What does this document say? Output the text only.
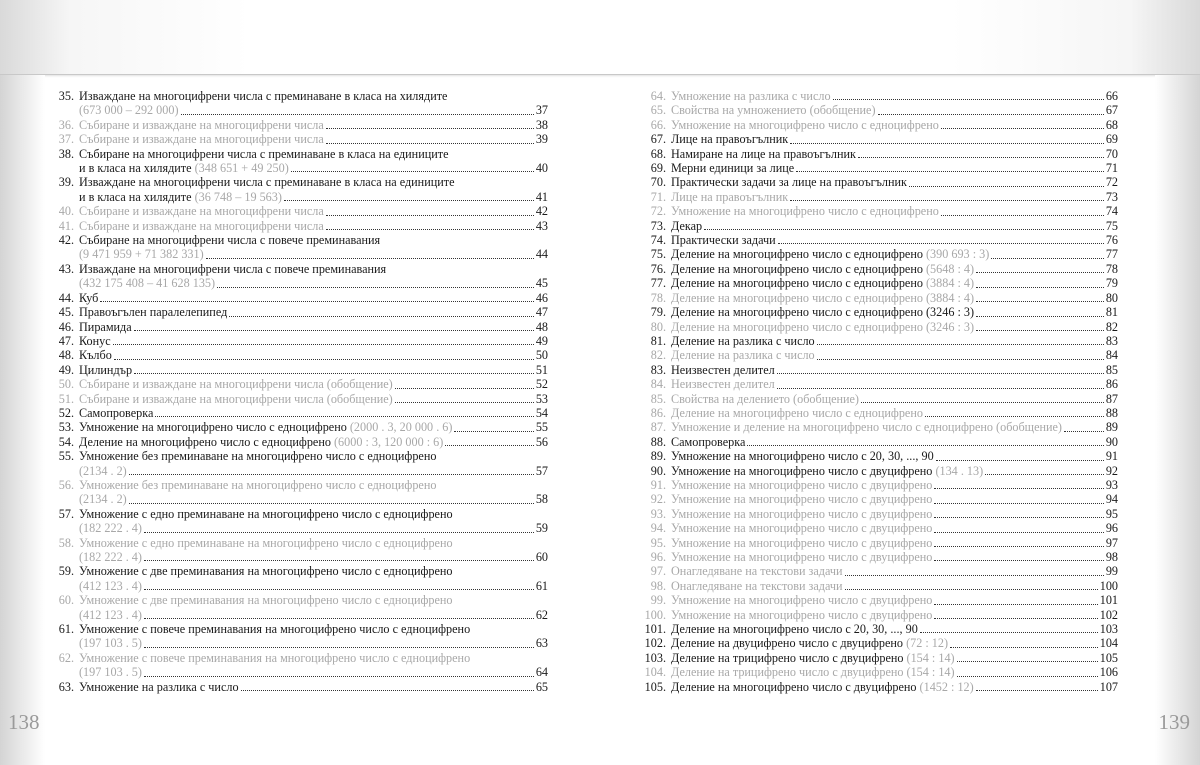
35. Изваждане на многоцифрени числа с преминаване в класа на хилядите
(673 000 – 292 000)	37
36. Събиране и изваждане на многоцифрени числа	38
37. Събиране и изваждане на многоцифрени числа	39
38. Събиране на многоцифрени числа с преминаване в класа на единиците
и в класа на хилядите
(348 651 + 49 250)	40
39. Изваждане на многоцифрени числа с преминаване в класа на единиците
и в класа на хилядите
(36 748 – 19 563)	41
40. Събиране и изваждане на многоцифрени числа	42
41. Събиране и изваждане на многоцифрени числа	43
42. Събиране на многоцифрени числа с повече преминавания
(9 471 959 + 71 382 331)	44
43. Изваждане на многоцифрени числа с повече преминавания
(432 175 408 – 41 628 135)	45
44. Куб	46
45. Правоъгълен паралелепипед	47
46. Пирамида	48
47. Конус	49
48. Кълбо	50
49. Цилиндър	51
50. Събиране и изваждане на многоцифрени числа (обобщение)	52
51. Събиране и изваждане на многоцифрени числа (обобщение)	53
52. Самопроверка	54
53. Умножение на многоцифрено число с едноцифрено
(2000 . 3, 20 000 . 6)	55
54. Деление на многоцифрено число с едноцифрено
(6000 : 3, 120 000 : 6)	56
55. Умножение без преминаване на многоцифрено число с едноцифрено
(2134 . 2)	57
56. Умножение без преминаване на многоцифрено число с едноцифрено
(2134 . 2)	58
57. Умножение с едно преминаване на многоцифрено число с едноцифрено
(182 222 . 4)	59
58. Умножение с едно преминаване на многоцифрено число с едноцифрено
(182 222 . 4)	60
59. Умножение с две преминавания на многоцифрено число с едноцифрено
(412 123 . 4)	61
60. Умножение с две преминавания на многоцифрено число с едноцифрено
(412 123 . 4)	62
61. Умножение с повече преминавания на многоцифрено число с едноцифрено
(197 103 . 5)	63
62. Умножение с повече преминавания на многоцифрено число с едноцифрено
(197 103 . 5)	64
63. Умножение на разлика с число	65
64. Умножение на разлика с число	66
65. Свойства на умножението (обобщение)	67
66. Умножение на многоцифрено число с едноцифрено	68
67. Лице на правоъгълник	69
68. Намиране на лице на правоъгълник	70
69. Мерни единици за лице	71
70. Практически задачи за лице на правоъгълник	72
71. Лице на правоъгълник	73
72. Умножение на многоцифрено число с едноцифрено	74
73. Декар	75
74. Практически задачи	76
75. Деление на многоцифрено число с едноцифрено
(390 693 : 3)	77
76. Деление на многоцифрено число с едноцифрено
(5648 : 4)	78
77. Деление на многоцифрено число с едноцифрено
(3884 : 4)	79
78. Деление на многоцифрено число с едноцифрено (3884 : 4)	80
79. Деление на многоцифрено число с едноцифрено (3246 : 3)	81
80. Деление на многоцифрено число с едноцифрено (3246 : 3)	82
81. Деление на разлика с число	83
82. Деление на разлика с число	84
83. Неизвестен делител	85
84. Неизвестен делител	86
85. Свойства на делението (обобщение)	87
86. Деление на многоцифрено число с едноцифрено	88
87. Умножение и деление на многоцифрено число с едноцифрено (обобщение)	89
88. Самопроверка	90
89. Умножение на многоцифрено число с 20, 30, ..., 90	91
90. Умножение на многоцифрено число с двуцифрено
(134 . 13)	92
91. Умножение на многоцифрено число с двуцифрено	93
92. Умножение на многоцифрено число с двуцифрено	94
93. Умножение на многоцифрено число с двуцифрено	95
94. Умножение на многоцифрено число с двуцифрено	96
95. Умножение на многоцифрено число с двуцифрено	97
96. Умножение на многоцифрено число с двуцифрено	98
97. Онагледяване на текстови задачи	99
98. Онагледяване на текстови задачи	100
99. Умножение на многоцифрено число с двуцифрено	101
100. Умножение на многоцифрено число с двуцифрено	102
101. Деление на многоцифрено число с 20, 30, ..., 90	103
102. Деление на двуцифрено число с двуцифрено
(72 : 12)	104
103. Деление на трицифрено число с двуцифрено
(154 : 14)	105
104. Деление на трицифрено число с двуцифрено (154 : 14)	106
105. Деление на многоцифрено число с двуцифрено
(1452 : 12)	107
138	139
